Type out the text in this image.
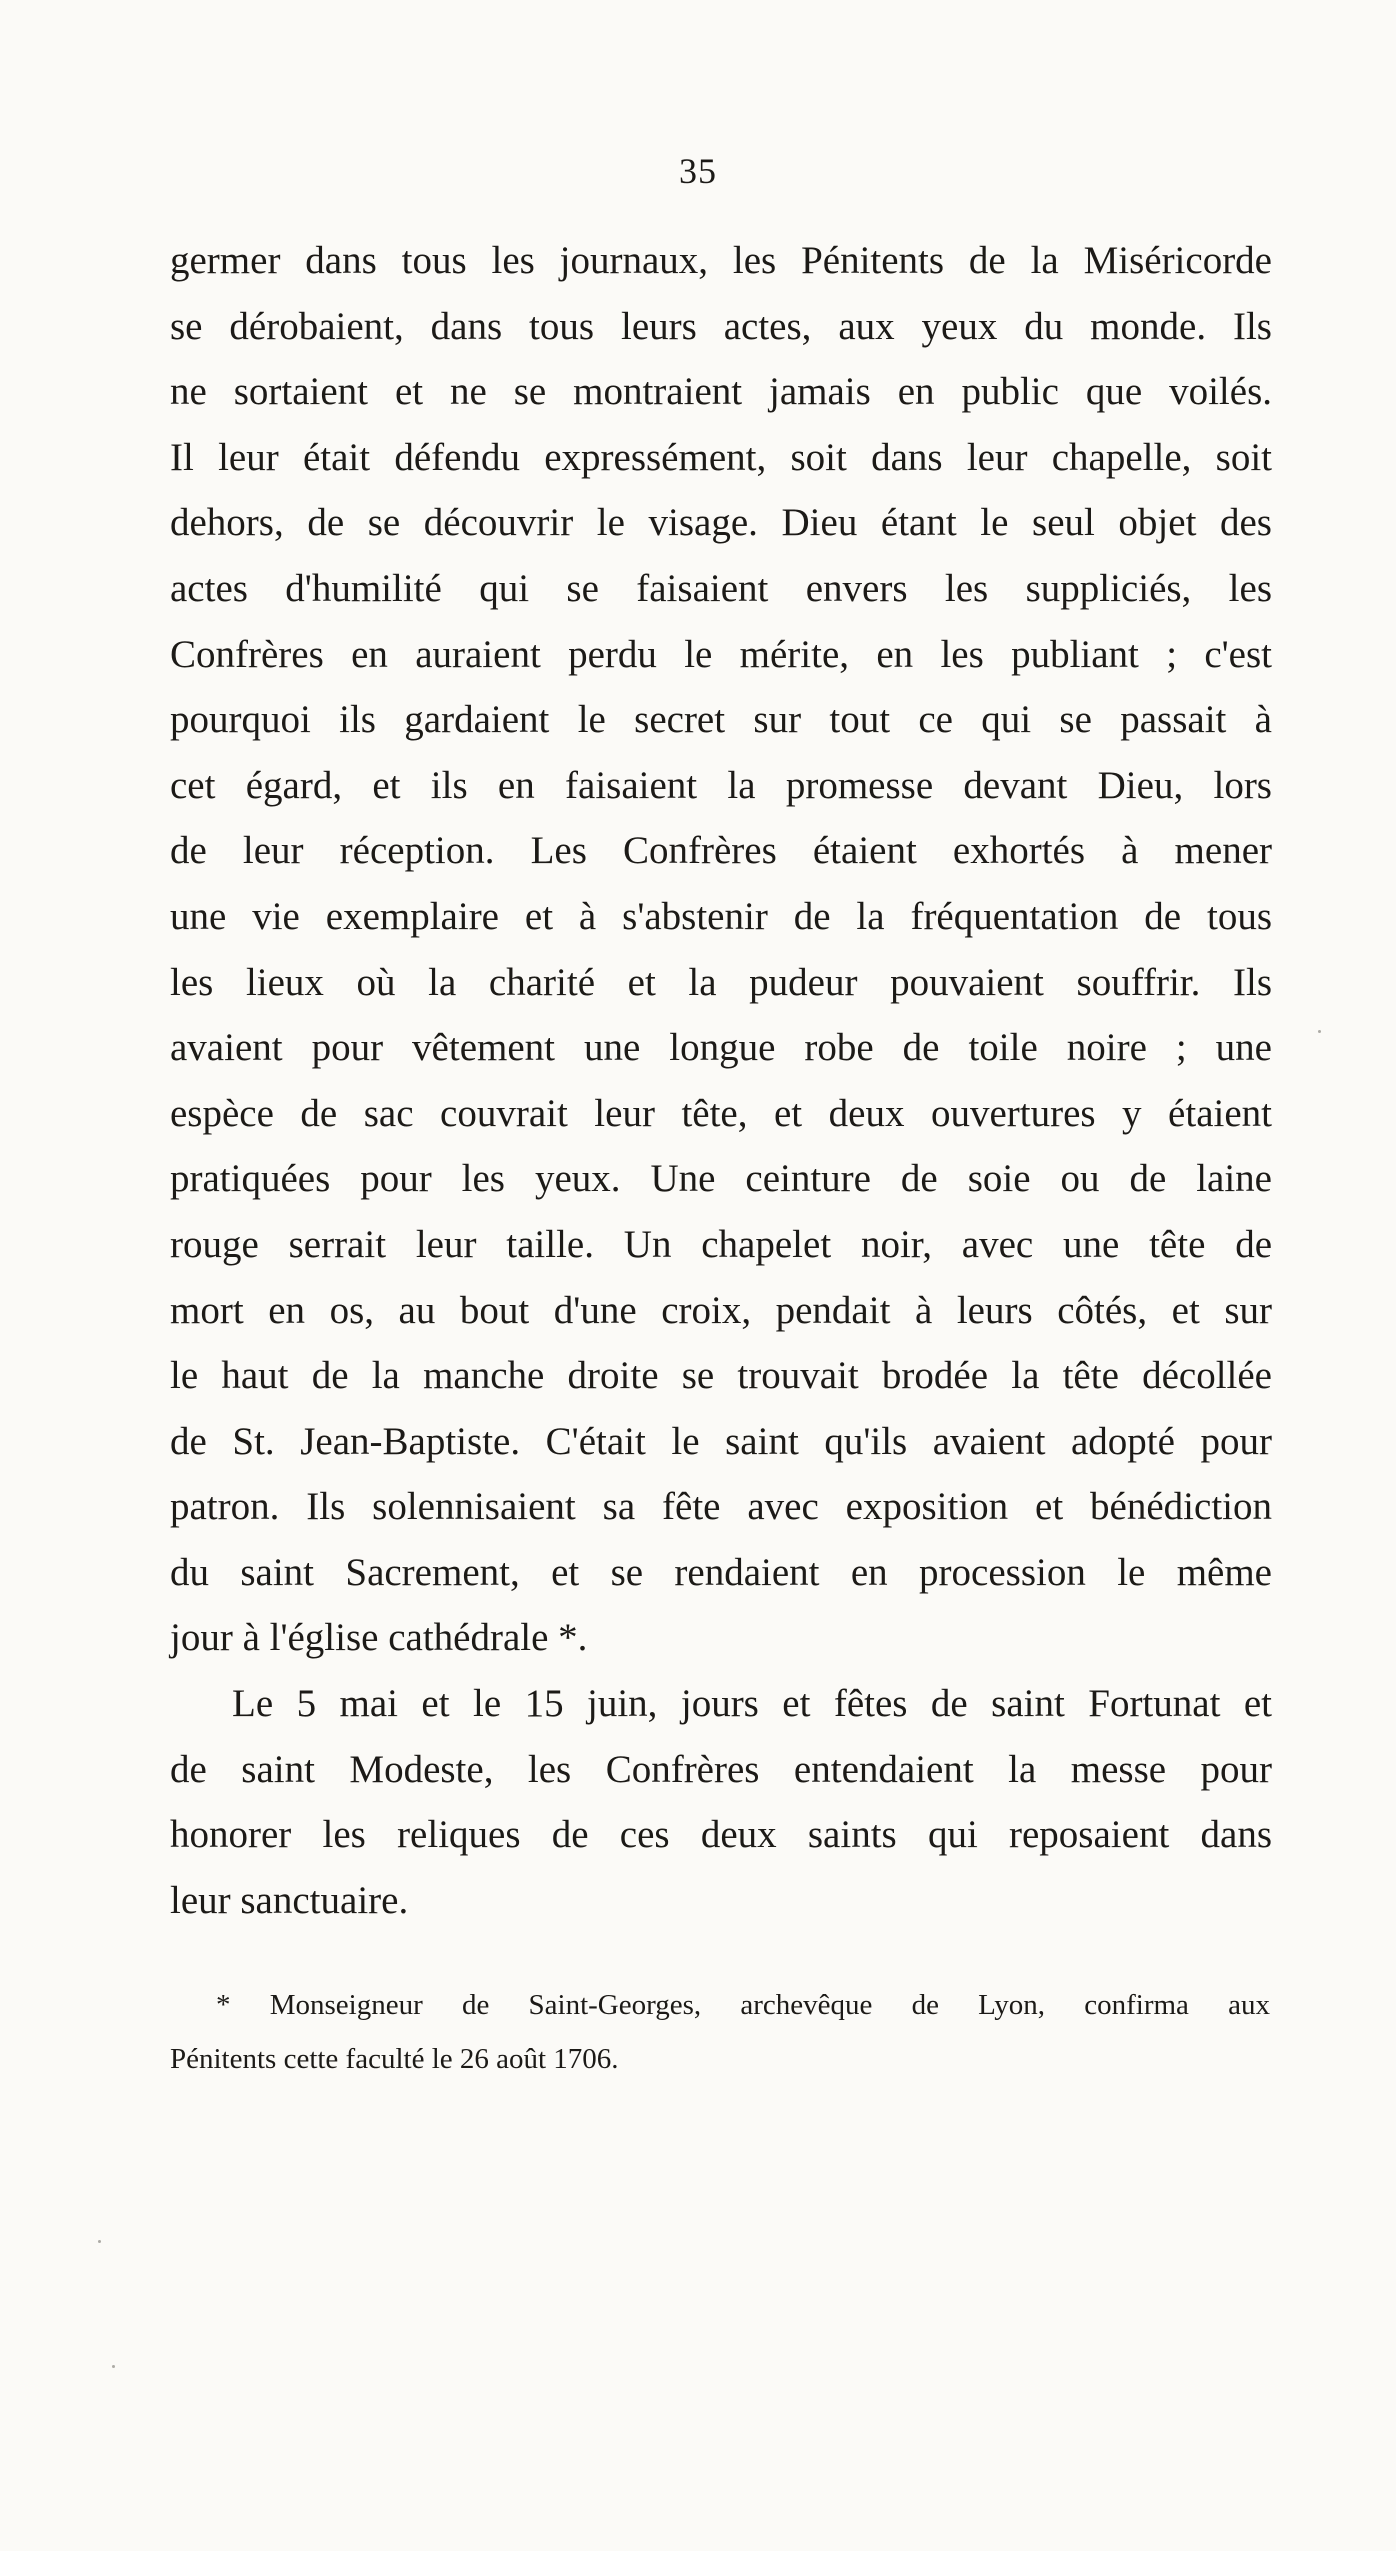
35
germer dans tous les journaux, les Pénitents de la Miséricorde
se dérobaient, dans tous leurs actes, aux yeux du monde. Ils
ne sortaient et ne se montraient jamais en public que voilés.
Il leur était défendu expressément, soit dans leur chapelle, soit
dehors, de se découvrir le visage. Dieu étant le seul objet des
actes d'humilité qui se faisaient envers les suppliciés, les
Confrères en auraient perdu le mérite, en les publiant ; c'est
pourquoi ils gardaient le secret sur tout ce qui se passait à
cet égard, et ils en faisaient la promesse devant Dieu, lors
de leur réception. Les Confrères étaient exhortés à mener
une vie exemplaire et à s'abstenir de la fréquentation de tous
les lieux où la charité et la pudeur pouvaient souffrir. Ils
avaient pour vêtement une longue robe de toile noire ; une
espèce de sac couvrait leur tête, et deux ouvertures y étaient
pratiquées pour les yeux. Une ceinture de soie ou de laine
rouge serrait leur taille. Un chapelet noir, avec une tête de
mort en os, au bout d'une croix, pendait à leurs côtés, et sur
le haut de la manche droite se trouvait brodée la tête décollée
de St. Jean-Baptiste. C'était le saint qu'ils avaient adopté pour
patron. Ils solennisaient sa fête avec exposition et bénédiction
du saint Sacrement, et se rendaient en procession le même
jour à l'église cathédrale *.
Le 5 mai et le 15 juin, jours et fêtes de saint Fortunat et
de saint Modeste, les Confrères entendaient la messe pour
honorer les reliques de ces deux saints qui reposaient dans
leur sanctuaire.
* Monseigneur de Saint-Georges, archevêque de Lyon, confirma aux
Pénitents cette faculté le 26 août 1706.
